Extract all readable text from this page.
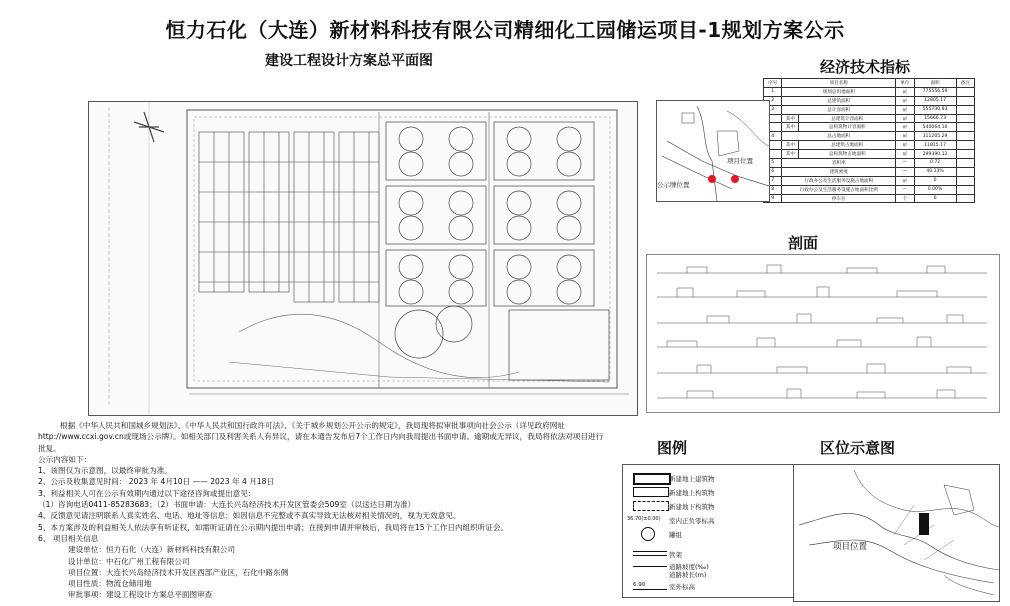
恒力石化（大连）新材料科技有限公司精细化工园储运项目-1规划方案公示
建设工程设计方案总平面图
根据《中华人民共和国城乡规划法》、《中华人民共和国行政许可法》、《关于城乡规划公开公示的规定》，我局现将拟审批事项向社会公示（详见政府网址
http://www.ccxi.gov.cn或现场公示牌）。如相关部门及利害关系人有异议，请在本通告发布后7个工作日内向我局提出书面申请。逾期或无异议，我局将依法对项目进行
批复。
公示内容如下：
1、该图仅为示意图，以最终审批为准。
2、公示及收集意见时间： 2023 年 4月10日 —— 2023 年 4 月18日
3、利益相关人可在公示有效期内通过以下途径咨询或提出意见：
（1）咨询电话0411-85283683；（2）书面申请：大连长兴岛经济技术开发区管委会509室（以送达日期为准）
4、反馈意见请注明联系人真实姓名、电话、地址等信息；如因信息不完整或不真实导致无法核对相关情况的，视为无效意见。
5、本方案涉及的利益相关人依法享有听证权，如需听证请在公示期内提出申请；在接到申请并审核后，我局将在15个工作日内组织听证会。
6、 项目相关信息
建设单位：恒力石化（大连）新材料科技有限公司
设计单位：中石化广州工程有限公司
项目位置：大连长兴岛经济技术开发区西部产业区，石化中路东侧
项目性质：物流仓储用地
审批事项：建设工程设计方案总平面图审查
经济技术指标
序号	项目名称		单位	面积	备注
1	规划总用地面积		㎡	775556.59	
2	总建筑面积		㎡	12805.17	
3	总计容面积		㎡	555730.83	
	其中	总建筑计容面积	㎡	15666.73	
	其中	总构筑物计容面积	㎡	540064.10	
4	总占地面积		㎡	311205.29	
	其中	总建筑占地面积	㎡	11815.17	
	其中	总构筑物占地面积	㎡	299390.12	
5	容积率		—	0.72	
6	建筑密度		—	40.13%	
7	行政办公及生活服务设施占地面积		㎡	0	
8	行政办公及生活服务设施占地面积比例		—	0.00%	
9	停车位		个	0	
项目位置
公示牌位置
剖面
图例
新建地上建筑物
新建地上构筑物
新建地下构筑物
36.70(±0.00)	室内正负零标高
罐组
管架
道路坡度(‰)
道路坡长(m)
6.90	室外标高
区位示意图
项目位置
